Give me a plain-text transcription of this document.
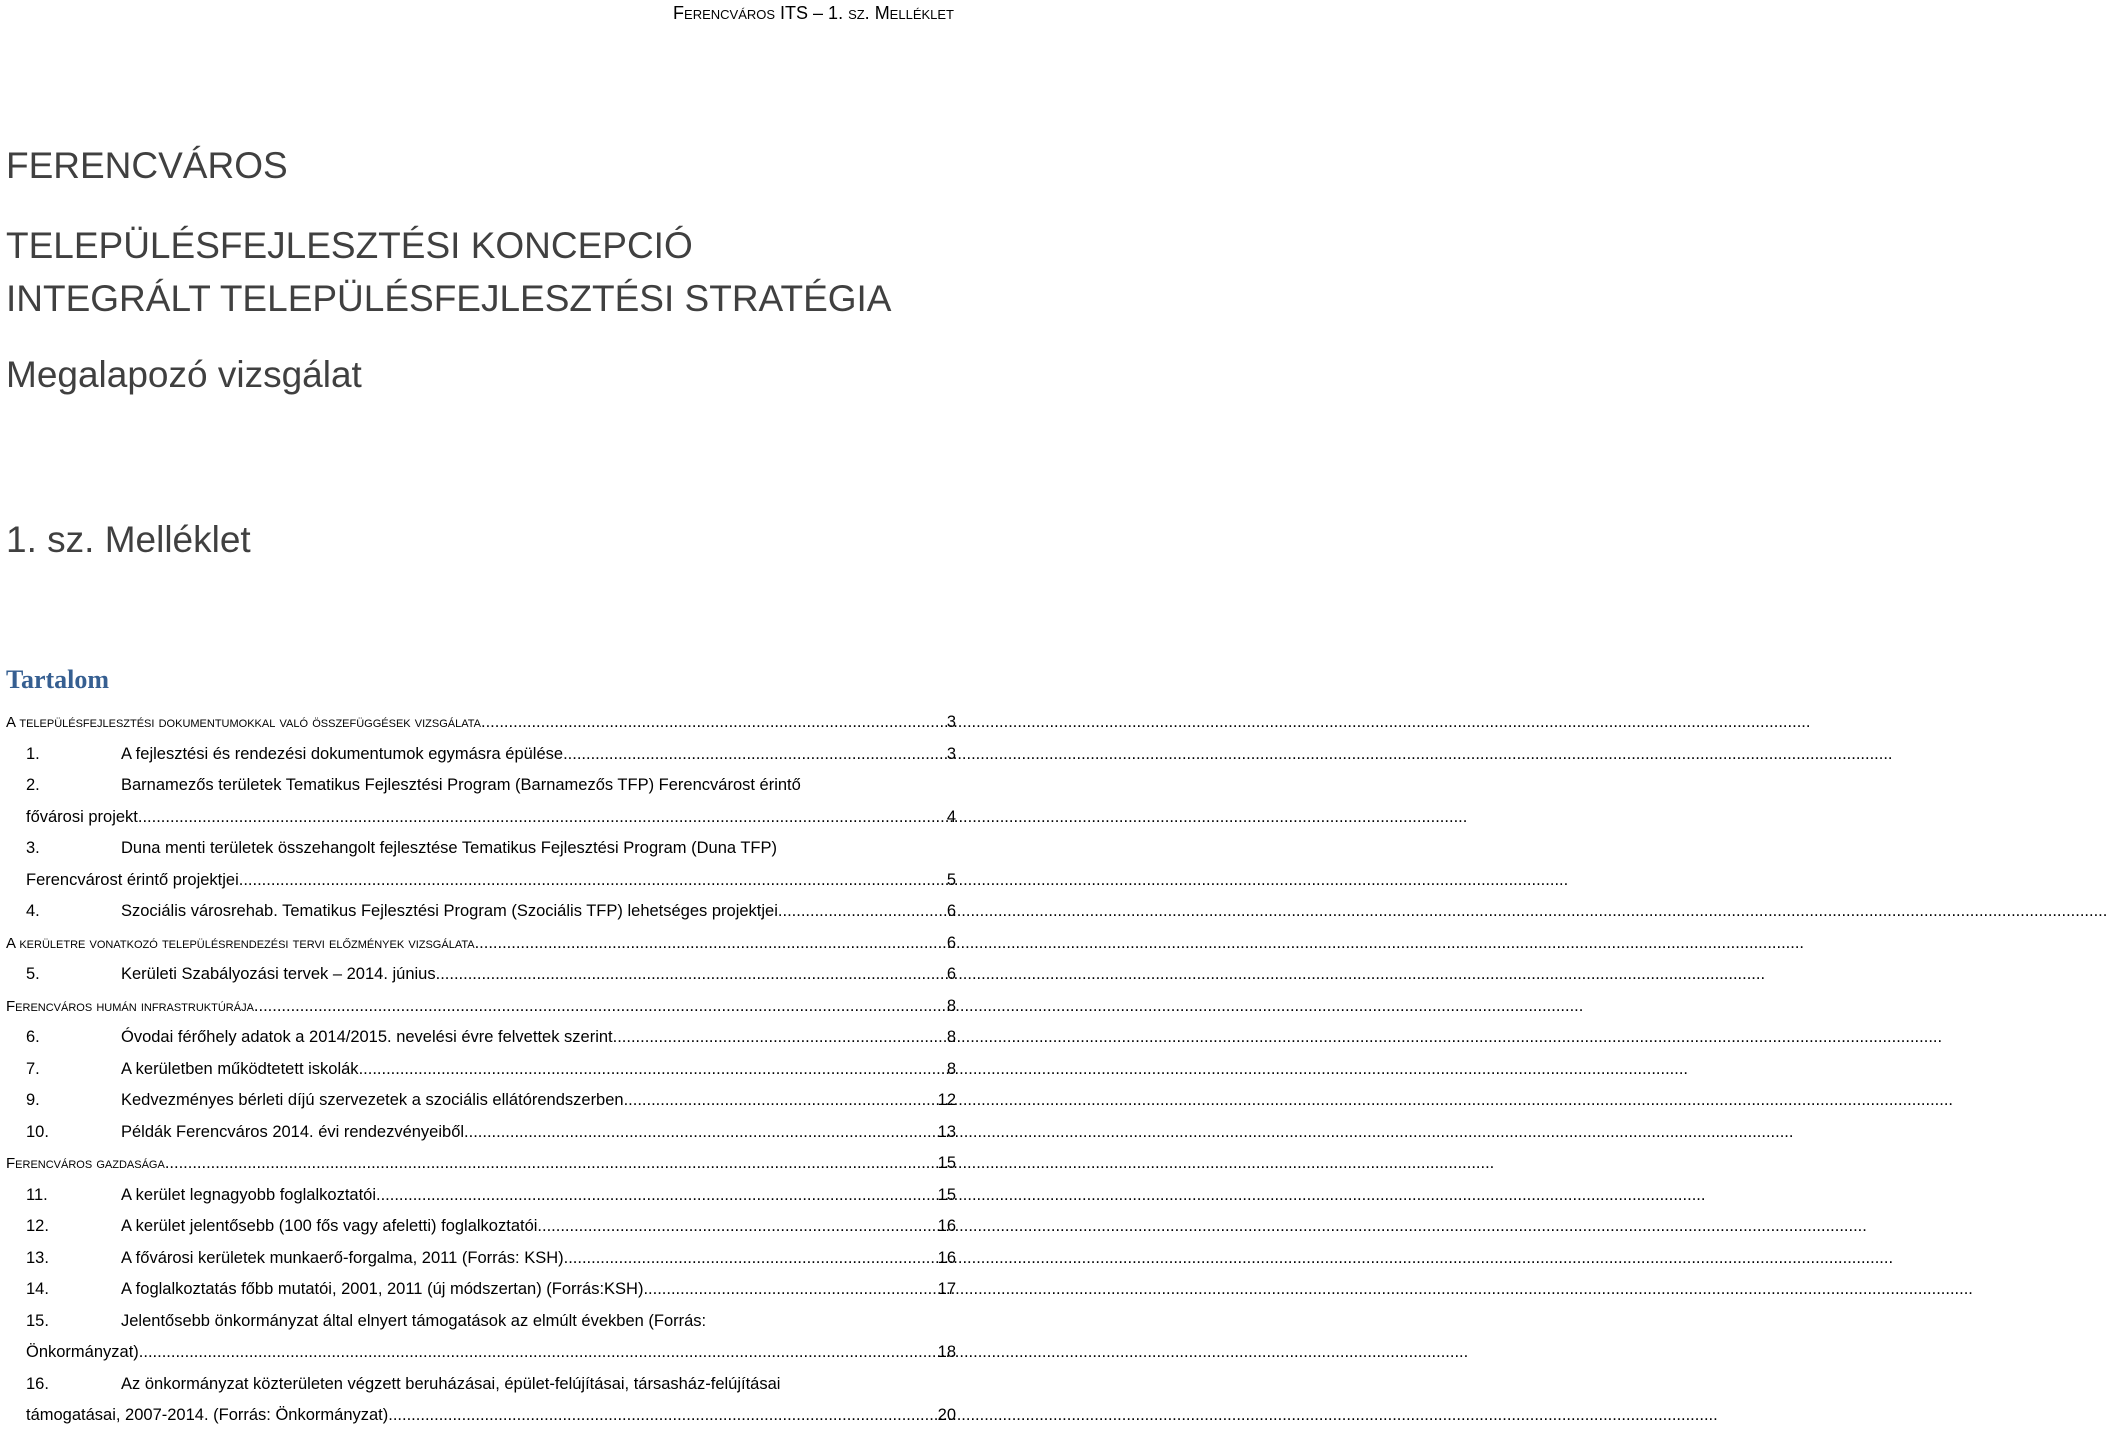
Ferencváros ITS – 1. sz. Melléklet
FERENCVÁROS
TELEPÜLÉSFEJLESZTÉSI KONCEPCIÓ
INTEGRÁLT TELEPÜLÉSFEJLESZTÉSI STRATÉGIA
Megalapozó vizsgálat
1. sz. Melléklet
Tartalom
A településfejlesztési dokumentumokkal való összefüggések vizsgálata .....	3
1.	A fejlesztési és rendezési dokumentumok egymásra épülése .....	3
2.	Barnamezős területek Tematikus Fejlesztési Program (Barnamezős TFP) Ferencvárost érintő
fővárosi projekt .....	4
3.	Duna menti területek összehangolt fejlesztése Tematikus Fejlesztési Program (Duna TFP)
Ferencvárost érintő projektjei .....	5
4.	Szociális városrehab. Tematikus Fejlesztési Program (Szociális TFP) lehetséges projektjei .....	6
A kerületre vonatkozó településrendezési tervi előzmények vizsgálata .....	6
5.	Kerületi Szabályozási tervek – 2014. június .....	6
Ferencváros humán infrastruktúrája .....	8
6.	Óvodai férőhely adatok a 2014/2015. nevelési évre felvettek szerint .....	8
7.	A kerületben működtetett iskolák .....	8
9.	Kedvezményes bérleti díjú szervezetek a szociális ellátórendszerben .....	12
10.	Példák Ferencváros 2014. évi rendezvényeiből .....	13
Ferencváros gazdasága .....	15
11.	A kerület legnagyobb foglalkoztatói .....	15
12.	A kerület jelentősebb (100 fős vagy afeletti) foglalkoztatói .....	16
13.	A fővárosi kerületek munkaerő-forgalma, 2011 (Forrás: KSH) .....	16
14.	A foglalkoztatás főbb mutatói, 2001, 2011 (új módszertan) (Forrás:KSH) .....	17
15.	Jelentősebb önkormányzat által elnyert támogatások az elmúlt években (Forrás:
Önkormányzat) .....	18
16.	Az önkormányzat közterületen végzett beruházásai, épület-felújításai, társasház-felújításai
támogatásai, 2007-2014. (Forrás: Önkormányzat) .....	20
